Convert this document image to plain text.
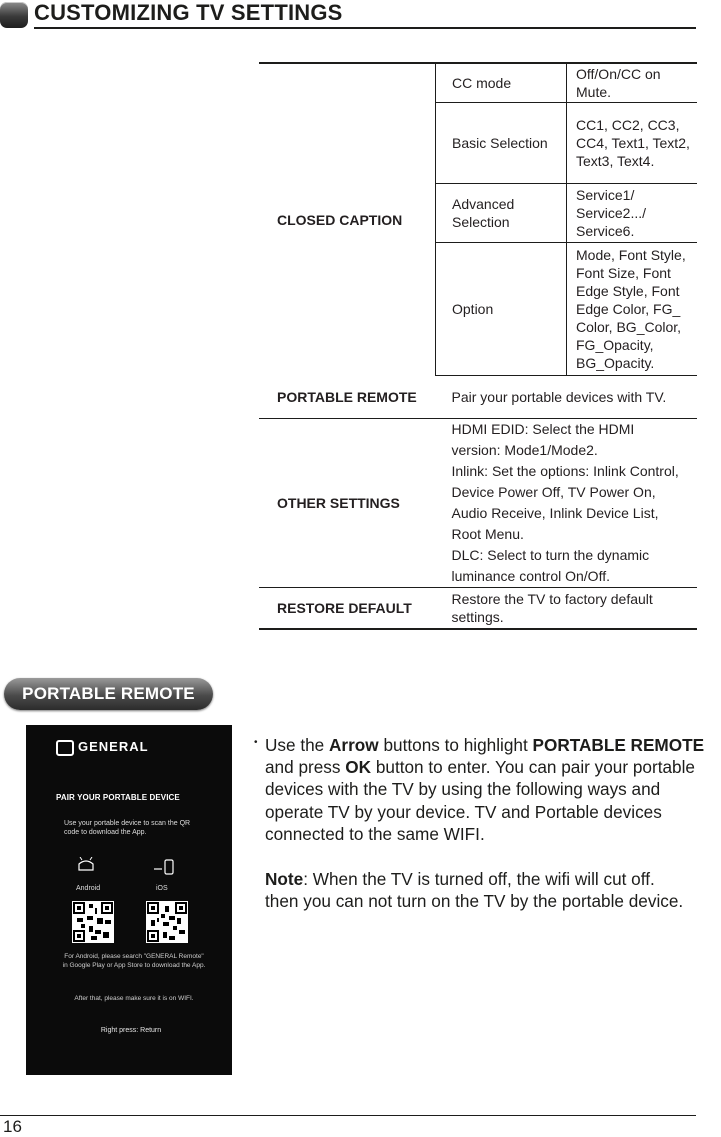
CUSTOMIZING TV SETTINGS
CLOSED CAPTION	CC mode	Off/On/CC on Mute.
	Basic Selection	CC1, CC2, CC3, CC4, Text1, Text2, Text3, Text4.
	Advanced Selection	Service1/ Service2.../ Service6.
	Option	Mode, Font Style, Font Size, Font Edge Style, Font Edge Color, FG_ Color, BG_Color, FG_Opacity, BG_Opacity.
PORTABLE REMOTE	Pair your portable devices with TV.	
OTHER SETTINGS	HDMI EDID: Select the HDMI version: Mode1/Mode2.
Inlink: Set the options: Inlink Control, Device Power Off, TV Power On, Audio Receive, Inlink Device List, Root Menu.
DLC: Select to turn the dynamic luminance control On/Off.	

RESTORE DEFAULT	Restore the TV to factory default settings.	
PORTABLE REMOTE
GENERAL
PAIR YOUR PORTABLE DEVICE
Use your portable device to scan the QR code to download the App.
Android	iOS
For Android, please search "GENERAL Remote" in Google Play or App Store to download the App.
After that, please make sure it is on WIFI.
Right press: Return
• Use the Arrow buttons to highlight PORTABLE REMOTE and press OK button to enter. You can pair your portable devices with the TV by using the following ways and operate TV by your device. TV and Portable devices connected to the same WIFI.
Note: When the TV is turned off, the wifi will cut off.
then you can not turn on the TV by the portable device.
16
